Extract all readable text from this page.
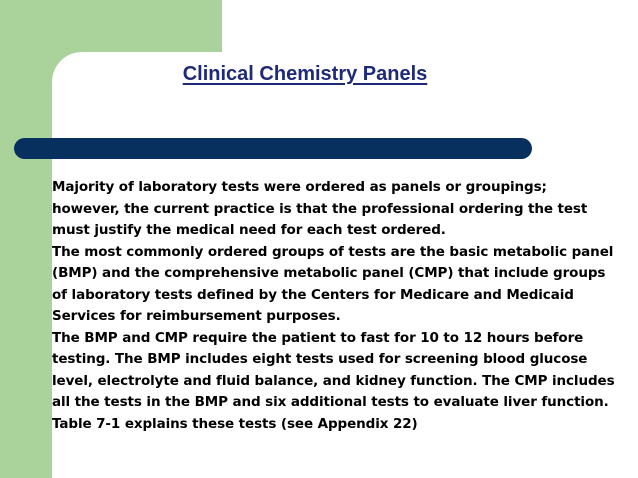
Clinical Chemistry Panels

Majority of laboratory tests were ordered as panels or groupings;
however, the current practice is that the professional ordering the test
must justify the medical need for each test ordered.

The most commonly ordered groups of tests are the basic metabolic panel
(BMP) and the comprehensive metabolic panel (CMP) that include groups
of laboratory tests defined by the Centers for Medicare and Medicaid
Services for reimbursement purposes.

The BMP and CMP require the patient to fast for 10 to 12 hours before
testing. The BMP includes eight tests used for screening blood glucose
level, electrolyte and fluid balance, and kidney function. The CMP includes
all the tests in the BMP and six additional tests to evaluate liver function.
Table 7-1 explains these tests (see Appendix 22)
